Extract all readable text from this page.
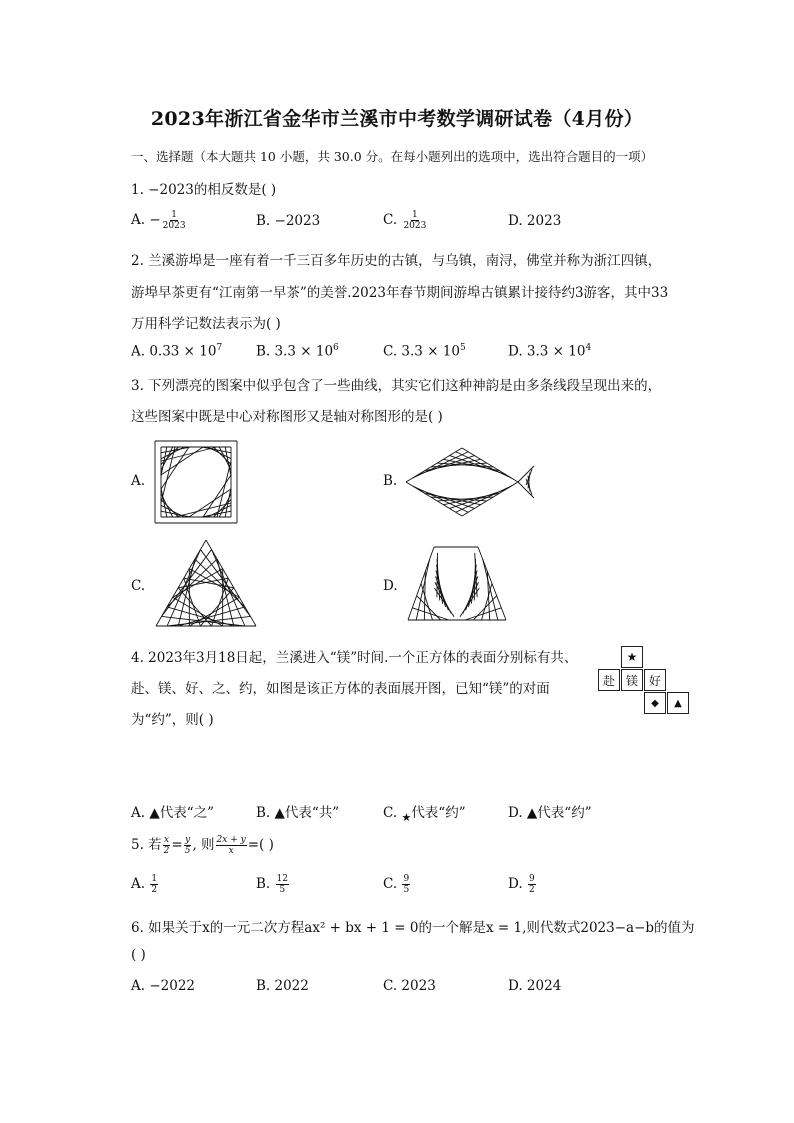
2023年浙江省金华市兰溪市中考数学调研试卷（4月份）
一、选择题（本大题共 10 小题，共 30.0 分。在每小题列出的选项中，选出符合题目的一项）
1. −2023的相反数是( )
A. − $\frac{1}{2023}$	B. −2023	C. $\frac{1}{2023}$	D. 2023
2. 兰溪游埠是一座有着一千三百多年历史的古镇，与乌镇，南浔，佛堂并称为浙江四镇，
游埠早茶更有“江南第一早茶”的美誉.2023年春节期间游埠古镇累计接待约3游客，其中33
万用科学记数法表示为( )
A. $0.33 \times 10^7$	B. $3.3 \times 10^6$	C. $3.3 \times 10^5$	D. $3.3 \times 10^4$
3. 下列漂亮的图案中似乎包含了一些曲线，其实它们这种神韵是由多条线段呈现出来的，
这些图案中既是中心对称图形又是轴对称图形的是( )
A.	B.
C.	D.
4. 2023年3月18日起，兰溪进入“镁”时间.一个正方体的表面分别标有共、
赴、镁、好、之、约，如图是该正方体的表面展开图，已知“镁”的对面
为“约”，则( )
★
赴 镁 好
◆	▲
A. ▲代表“之”	B. ▲代表“共”	C. $_★$代表“约”	D. ▲代表“约”
5. 若 $\frac{x}{2} = \frac{y}{5}$ , 则 $\frac{2x + y}{x}$ =( )
A. $\frac{1}{2}$	B. $\frac{12}{5}$	C. $\frac{9}{5}$	D. $\frac{9}{2}$
6. 如果关于x的一元二次方程ax² + bx + 1 = 0的一个解是x = 1,则代数式2023−a−b的值为
( )
A. −2022	B. 2022	C. 2023	D. 2024
